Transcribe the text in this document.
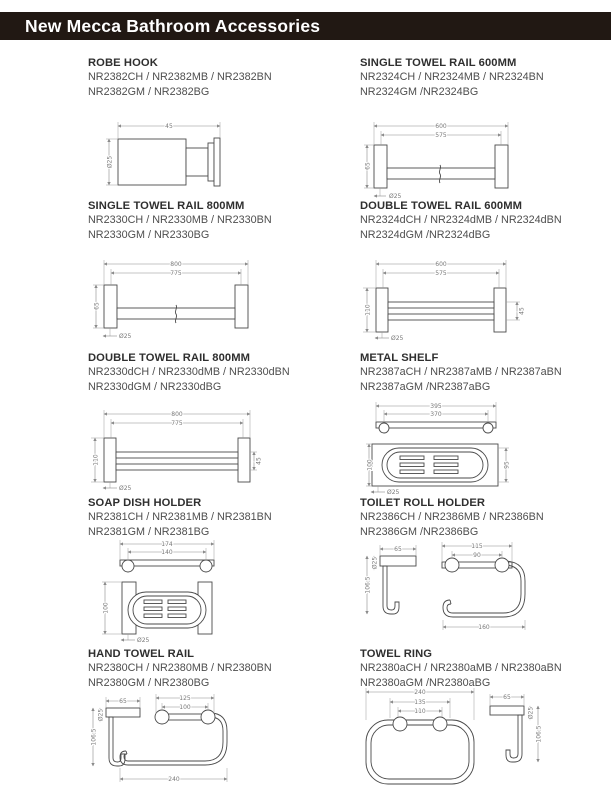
New Mecca Bathroom Accessories
ROBE HOOK
NR2382CH / NR2382MB / NR2382BN
NR2382GM / NR2382BG
SINGLE TOWEL RAIL 600MM
NR2324CH / NR2324MB / NR2324BN
NR2324GM /NR2324BG
SINGLE TOWEL RAIL 800MM
NR2330CH / NR2330MB / NR2330BN
NR2330GM / NR2330BG
DOUBLE TOWEL RAIL 600MM
NR2324dCH / NR2324dMB / NR2324dBN
NR2324dGM /NR2324dBG
DOUBLE TOWEL RAIL 800MM
NR2330dCH / NR2330dMB / NR2330dBN
NR2330dGM / NR2330dBG
METAL SHELF
NR2387aCH / NR2387aMB / NR2387aBN
NR2387aGM /NR2387aBG
SOAP DISH HOLDER
NR2381CH / NR2381MB / NR2381BN
NR2381GM / NR2381BG
TOILET ROLL HOLDER
NR2386CH / NR2386MB / NR2386BN
NR2386GM /NR2386BG
HAND TOWEL RAIL
NR2380CH / NR2380MB / NR2380BN
NR2380GM / NR2380BG
TOWEL RING
NR2380aCH / NR2380aMB / NR2380aBN
NR2380aGM /NR2380aBG
45
Ø25
600
575
65
Ø25
800
775
65
Ø25
600
575
110	45
Ø25
800
775
110	45
Ø25
395
370
100	95
Ø25
174
140
100
Ø25
65
Ø25
106.5
115
90
160
65
Ø25
106.5
125
100
240
240
135
110
65
Ø25
106.5
